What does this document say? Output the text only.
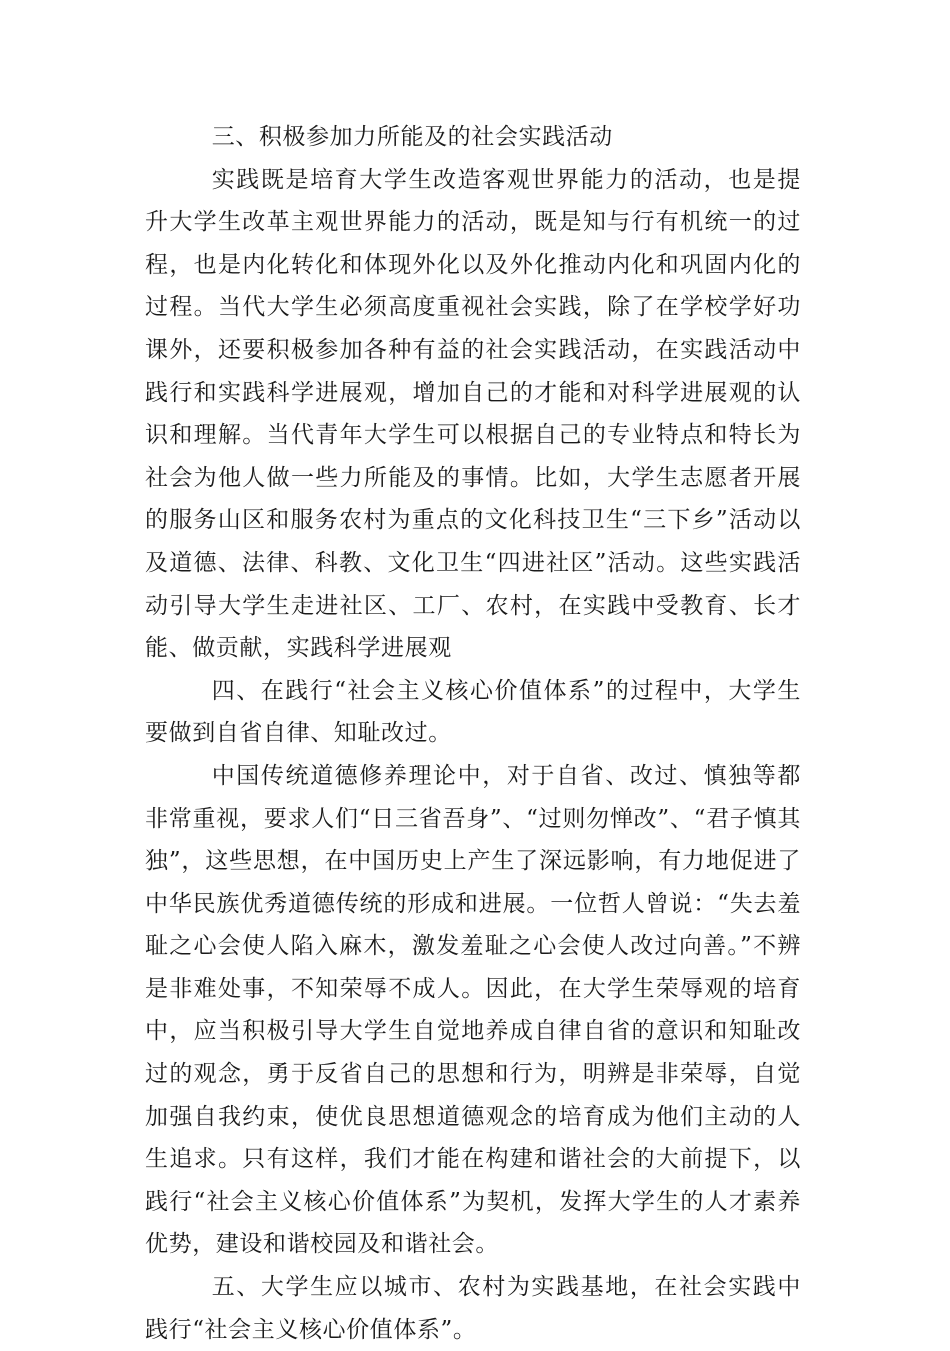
三、积极参加力所能及的社会实践活动

实践既是培育大学生改造客观世界能力的活动，也是提升大学生改革主观世界能力的活动，既是知与行有机统一的过程，也是内化转化和体现外化以及外化推动内化和巩固内化的过程。当代大学生必须高度重视社会实践，除了在学校学好功课外，还要积极参加各种有益的社会实践活动，在实践活动中践行和实践科学进展观，增加自己的才能和对科学进展观的认识和理解。当代青年大学生可以根据自己的专业特点和特长为社会为他人做一些力所能及的事情。比如，大学生志愿者开展的服务山区和服务农村为重点的文化科技卫生“三下乡”活动以及道德、法律、科教、文化卫生“四进社区”活动。这些实践活动引导大学生走进社区、工厂、农村，在实践中受教育、长才能、做贡献，实践科学进展观

四、在践行“社会主义核心价值体系”的过程中，大学生要做到自省自律、知耻改过。

中国传统道德修养理论中，对于自省、改过、慎独等都非常重视，要求人们“日三省吾身”、“过则勿惮改”、“君子慎其独”，这些思想，在中国历史上产生了深远影响，有力地促进了中华民族优秀道德传统的形成和进展。一位哲人曾说：“失去羞耻之心会使人陷入麻木，激发羞耻之心会使人改过向善。”不辨是非难处事，不知荣辱不成人。因此，在大学生荣辱观的培育中，应当积极引导大学生自觉地养成自律自省的意识和知耻改过的观念，勇于反省自己的思想和行为，明辨是非荣辱，自觉加强自我约束，使优良思想道德观念的培育成为他们主动的人生追求。只有这样，我们才能在构建和谐社会的大前提下，以践行“社会主义核心价值体系”为契机，发挥大学生的人才素养优势，建设和谐校园及和谐社会。

五、大学生应以城市、农村为实践基地，在社会实践中践行“社会主义核心价值体系”。
